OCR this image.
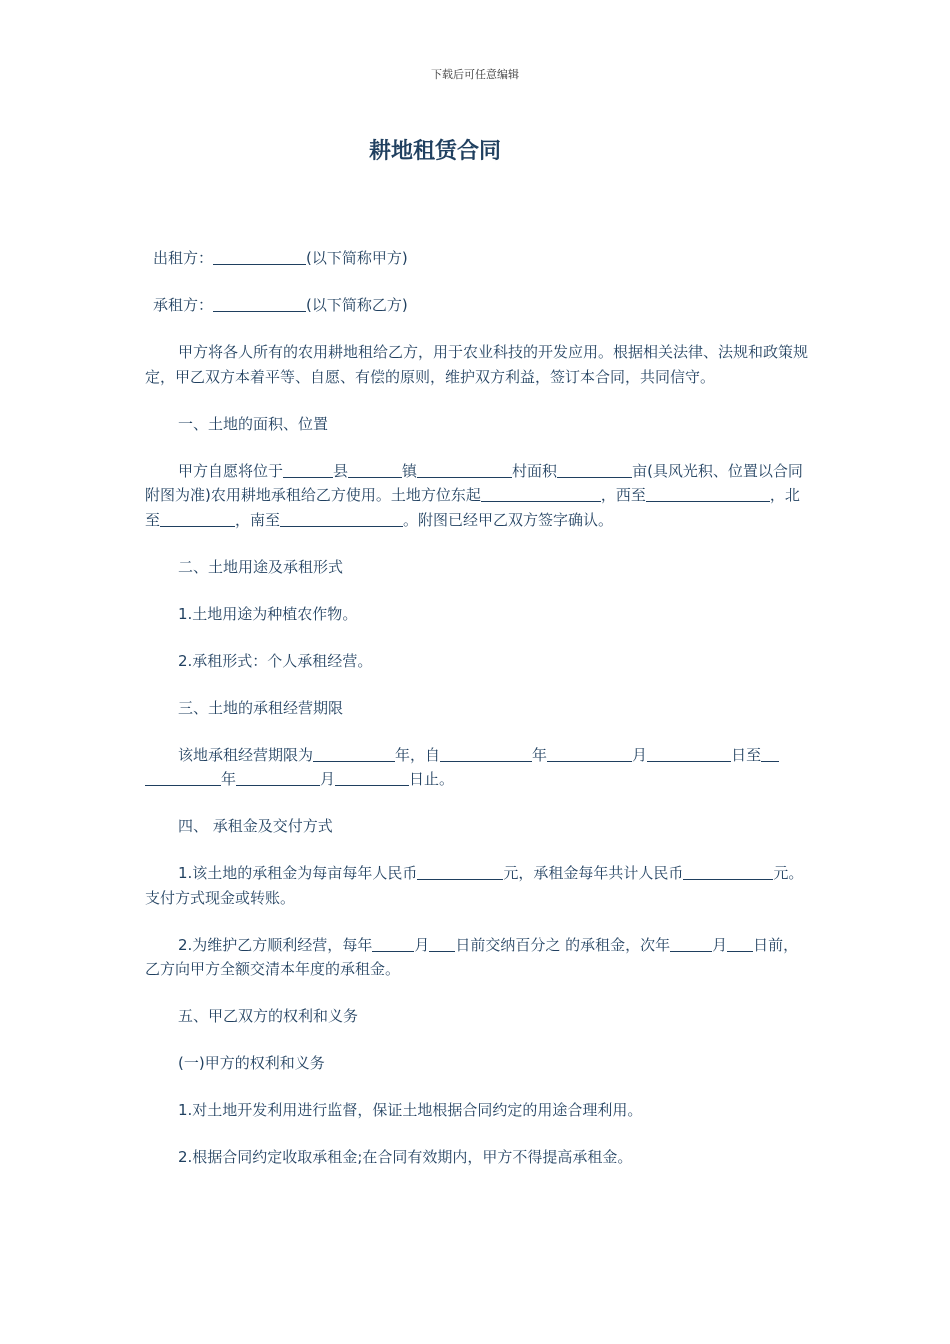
下载后可任意编辑
耕地租赁合同
出租方：	(以下简称甲方)
承租方：	(以下简称乙方)
甲方将各人所有的农用耕地租给乙方，用于农业科技的开发应用。根据相关法律、法规和政策规定，甲乙双方本着平等、自愿、有偿的原则，维护双方利益，签订本合同，共同信守。
一、土地的面积、位置
甲方自愿将位于	县	镇	村面积	亩(具风光积、位置以合同附图为准)农用耕地承租给乙方使用。土地方位东起	，西至	，北至	，南至	。附图已经甲乙双方签字确认。
二、土地用途及承租形式
1.土地用途为种植农作物。
2.承租形式：个人承租经营。
三、土地的承租经营期限
该地承租经营期限为	年，自	年	月	日至年	月	日止。
四、 承租金及交付方式
1.该土地的承租金为每亩每年人民币	元，承租金每年共计人民币	元。支付方式现金或转账。
2.为维护乙方顺利经营，每年	月 日前交纳百分之 的承租金，次年	月 日前，乙方向甲方全额交清本年度的承租金。
五、甲乙双方的权利和义务
(一)甲方的权利和义务
1.对土地开发利用进行监督，保证土地根据合同约定的用途合理利用。
2.根据合同约定收取承租金;在合同有效期内，甲方不得提高承租金。
